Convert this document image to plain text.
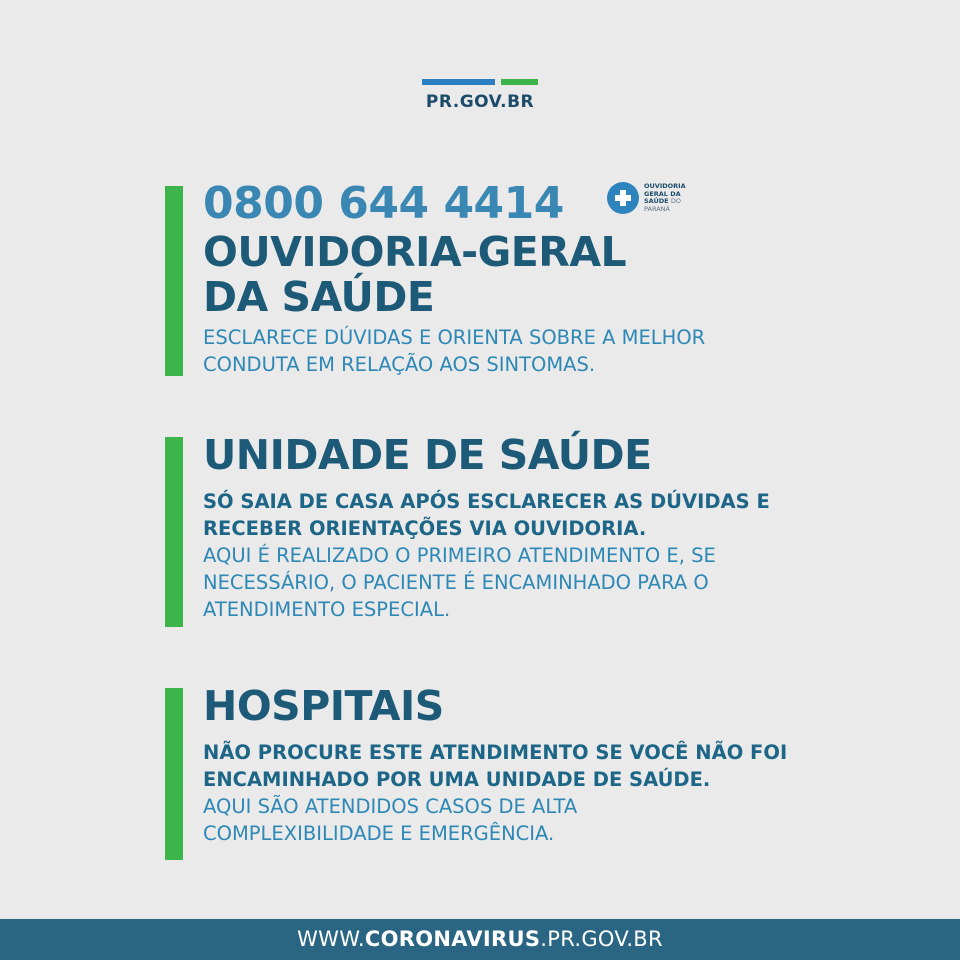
PR.GOV.BR
0800 644 4414	OUVIDORIA
GERAL DA
SAÚDE DO
PARANÁ

OUVIDORIA-GERAL

DA SAÚDE

ESCLARECE DÚVIDAS E ORIENTA SOBRE A MELHOR

CONDUTA EM RELAÇÃO AOS SINTOMAS.

UNIDADE DE SAÚDE

SÓ SAIA DE CASA APÓS ESCLARECER AS DÚVIDAS E

RECEBER ORIENTAÇÕES VIA OUVIDORIA.

AQUI É REALIZADO O PRIMEIRO ATENDIMENTO E, SE

NECESSÁRIO, O PACIENTE É ENCAMINHADO PARA O

ATENDIMENTO ESPECIAL.

HOSPITAIS

NÃO PROCURE ESTE ATENDIMENTO SE VOCÊ NÃO FOI

ENCAMINHADO POR UMA UNIDADE DE SAÚDE.

AQUI SÃO ATENDIDOS CASOS DE ALTA

COMPLEXIBILIDADE E EMERGÊNCIA.

WWW.CORONAVIRUS.PR.GOV.BR
